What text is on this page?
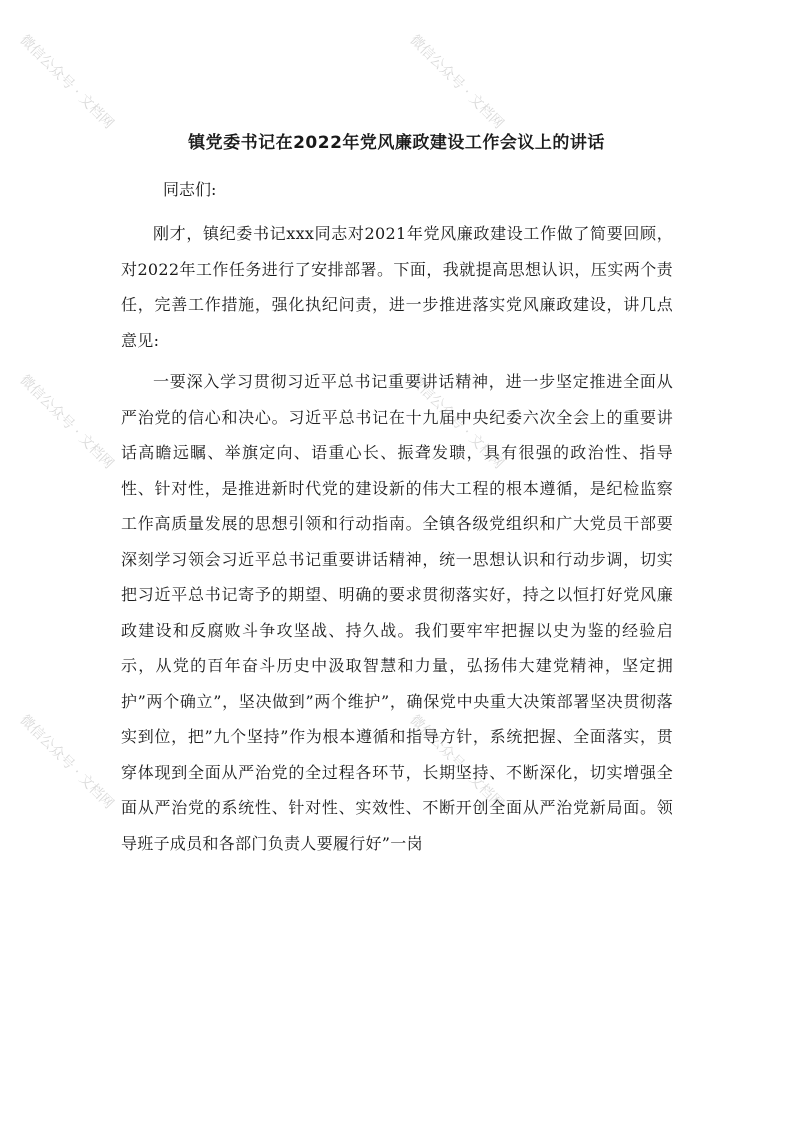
微信公众号 · 文档网	微信公众号 · 文档网
微信公众号 · 文档网	微信公众号 · 文档网
微信公众号 · 文档网	微信公众号 · 文档网
镇党委书记在2022年党风廉政建设工作会议上的讲话
同志们:

刚才，镇纪委书记xxx同志对2021年党风廉政建设工作做了简要回顾，对2022年工作任务进行了安排部署。下面，我就提高思想认识，压实两个责任，完善工作措施，强化执纪问责，进一步推进落实党风廉政建设，讲几点意见:

一要深入学习贯彻习近平总书记重要讲话精神，进一步坚定推进全面从严治党的信心和决心。习近平总书记在十九届中央纪委六次全会上的重要讲话高瞻远瞩、举旗定向、语重心长、振聋发聩，具有很强的政治性、指导性、针对性，是推进新时代党的建设新的伟大工程的根本遵循，是纪检监察工作高质量发展的思想引领和行动指南。全镇各级党组织和广大党员干部要深刻学习领会习近平总书记重要讲话精神，统一思想认识和行动步调，切实把习近平总书记寄予的期望、明确的要求贯彻落实好，持之以恒打好党风廉政建设和反腐败斗争攻坚战、持久战。我们要牢牢把握以史为鉴的经验启示，从党的百年奋斗历史中汲取智慧和力量，弘扬伟大建党精神，坚定拥护”两个确立”，坚决做到”两个维护”，确保党中央重大决策部署坚决贯彻落实到位，把”九个坚持”作为根本遵循和指导方针，系统把握、全面落实，贯穿体现到全面从严治党的全过程各环节，长期坚持、不断深化，切实增强全面从严治党的系统性、针对性、实效性、不断开创全面从严治党新局面。领导班子成员和各部门负责人要履行好”一岗
